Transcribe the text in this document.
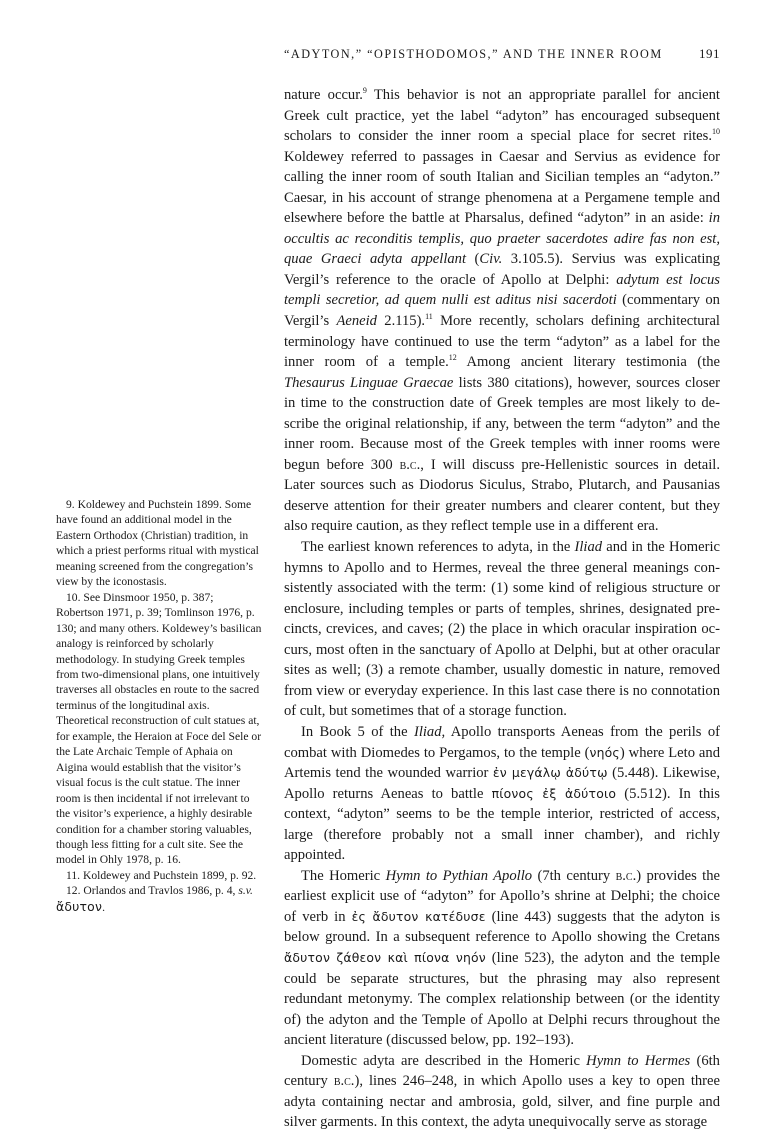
“ADYTON,” “OPISTHODOMOS,” AND THE INNER ROOM	191

nature occur.$^9$ This behavior is not an appropriate parallel for ancient Greek cult practice, yet the label “adyton” has encouraged subsequent scholars to consider the inner room a special place for secret rites.$^{10}$ Koldewey referred to passages in Caesar and Servius as evidence for calling the inner room of south Italian and Sicilian temples an “adyton.” Caesar, in his account of strange phenomena at a Pergamene temple and elsewhere before the battle at Pharsalus, defined “adyton” in an aside: in occultis ac reconditis templis, quo praeter sacerdotes adire fas non est, quae Graeci adyta appellant (Civ. 3.105.5). Servius was explicating Vergil’s reference to the oracle of Apollo at Delphi: adytum est locus templi secretior, ad quem nulli est aditus nisi sacerdoti (commentary on Vergil’s Aeneid 2.115).$^{11}$ More recently, scholars defining architectural terminology have continued to use the term “adyton” as a label for the inner room of a temple.$^{12}$ Among ancient literary testimonia (the Thesaurus Linguae Graecae lists 380 citations), however, sources closer in time to the construction date of Greek temples are most likely to describe the original relationship, if any, between the term “adyton” and the inner room. Because most of the Greek temples with inner rooms were begun before 300 b.c., I will discuss pre-Hellenistic sources in detail. Later sources such as Diodorus Siculus, Strabo, Plutarch, and Pausanias deserve attention for their greater numbers and clearer content, but they also require caution, as they reflect temple use in a different era.

The earliest known references to adyta, in the Iliad and in the Homeric hymns to Apollo and to Hermes, reveal the three general meanings consistently associated with the term: (1) some kind of religious structure or enclosure, including temples or parts of temples, shrines, designated precincts, crevices, and caves; (2) the place in which oracular inspiration occurs, most often in the sanctuary of Apollo at Delphi, but at other oracular sites as well; (3) a remote chamber, usually domestic in nature, removed from view or everyday experience. In this last case there is no connotation of cult, but sometimes that of a storage function.

In Book 5 of the Iliad, Apollo transports Aeneas from the perils of combat with Diomedes to Pergamos, to the temple (νηός) where Leto and Artemis tend the wounded warrior ἐν μεγάλῳ ἀδύτῳ (5.448). Likewise, Apollo returns Aeneas to battle πίονος ἐξ ἀδύτοιο (5.512). In this context, “adyton” seems to be the temple interior, restricted of access, large (therefore probably not a small inner chamber), and richly appointed.

The Homeric Hymn to Pythian Apollo (7th century b.c.) provides the earliest explicit use of “adyton” for Apollo’s shrine at Delphi; the choice of verb in ἐς ἄδυτον κατέδυσε (line 443) suggests that the adyton is below ground. In a subsequent reference to Apollo showing the Cretans ἄδυτον ζάθεον καὶ πίονα νηόν (line 523), the adyton and the temple could be separate structures, but the phrasing may also represent redundant metonymy. The complex relationship between (or the identity of) the adyton and the Temple of Apollo at Delphi recurs throughout the ancient literature (discussed below, pp. 192–193).

Domestic adyta are described in the Homeric Hymn to Hermes (6th century b.c.), lines 246–248, in which Apollo uses a key to open three adyta containing nectar and ambrosia, gold, silver, and fine purple and silver garments. In this context, the adyta unequivocally serve as storage

9. Koldewey and Puchstein 1899. Some have found an additional model in the Eastern Orthodox (Christian) tradition, in which a priest performs ritual with mystical meaning screened from the congregation’s view by the iconostasis.

10. See Dinsmoor 1950, p. 387; Robertson 1971, p. 39; Tomlinson 1976, p. 130; and many others. Koldewey’s basilican analogy is reinforced by scholarly methodology. In studying Greek temples from two-dimensional plans, one intuitively traverses all obstacles en route to the sacred terminus of the longitudinal axis. Theoretical reconstruction of cult statues at, for example, the Heraion at Foce del Sele or the Late Archaic Temple of Aphaia on Aigina would establish that the visitor’s visual focus is the cult statue. The inner room is then incidental if not irrelevant to the visitor’s experience, a highly desirable condition for a chamber storing valuables, though less fitting for a cult site. See the model in Ohly 1978, p. 16.

11. Koldewey and Puchstein 1899, p. 92.

12. Orlandos and Travlos 1986, p. 4, s.v. ἄδυτον.
